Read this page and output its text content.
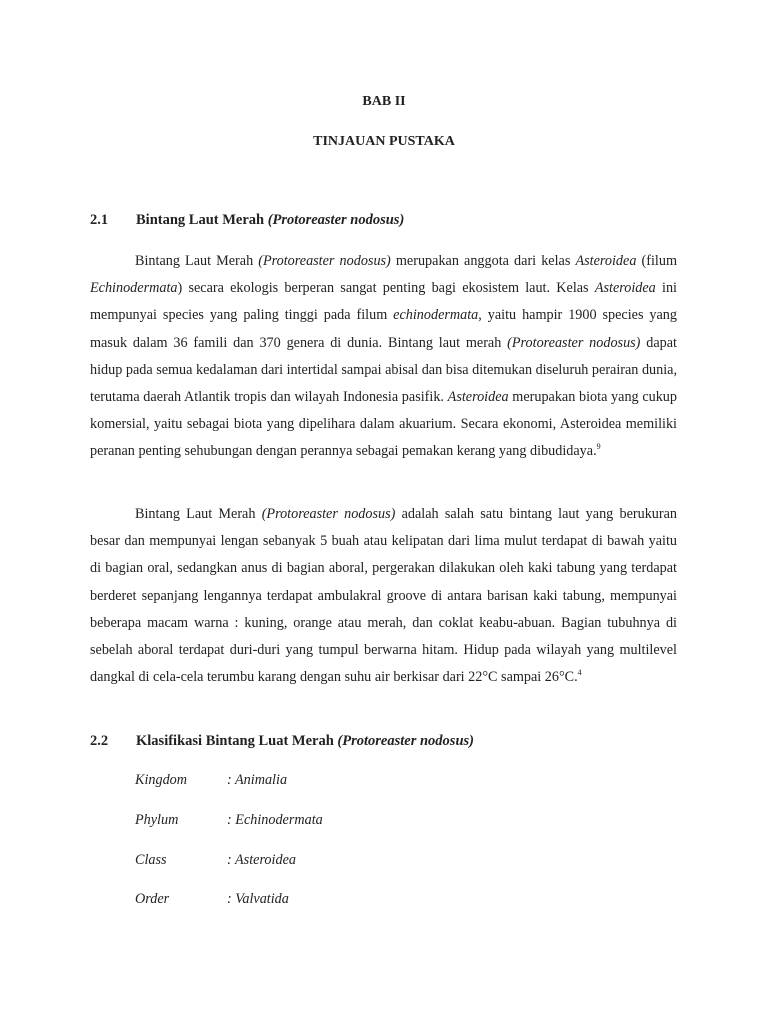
BAB II
TINJAUAN PUSTAKA
2.1 Bintang Laut Merah (Protoreaster nodosus)

Bintang Laut Merah (Protoreaster nodosus) merupakan anggota dari kelas Asteroidea (filum Echinodermata) secara ekologis berperan sangat penting bagi ekosistem laut. Kelas Asteroidea ini mempunyai species yang paling tinggi pada filum echinodermata, yaitu hampir 1900 species yang masuk dalam 36 famili dan 370 genera di dunia. Bintang laut merah (Protoreaster nodosus) dapat hidup pada semua kedalaman dari intertidal sampai abisal dan bisa ditemukan diseluruh perairan dunia, terutama daerah Atlantik tropis dan wilayah Indonesia pasifik. Asteroidea merupakan biota yang cukup komersial, yaitu sebagai biota yang dipelihara dalam akuarium. Secara ekonomi, Asteroidea memiliki peranan penting sehubungan dengan perannya sebagai pemakan kerang yang dibudidaya.$^9$

Bintang Laut Merah (Protoreaster nodosus) adalah salah satu bintang laut yang berukuran besar dan mempunyai lengan sebanyak 5 buah atau kelipatan dari lima mulut terdapat di bawah yaitu di bagian oral, sedangkan anus di bagian aboral, pergerakan dilakukan oleh kaki tabung yang terdapat berderet sepanjang lengannya terdapat ambulakral groove di antara barisan kaki tabung, mempunyai beberapa macam warna : kuning, orange atau merah, dan coklat keabu-abuan. Bagian tubuhnya di sebelah aboral terdapat duri-duri yang tumpul berwarna hitam. Hidup pada wilayah yang multilevel dangkal di cela-cela terumbu karang dengan suhu air berkisar dari 22°C sampai 26°C.$^4$

2.2 Klasifikasi Bintang Luat Merah (Protoreaster nodosus)
Kingdom	: Animalia
Phylum	: Echinodermata
Class	: Asteroidea
Order	: Valvatida
